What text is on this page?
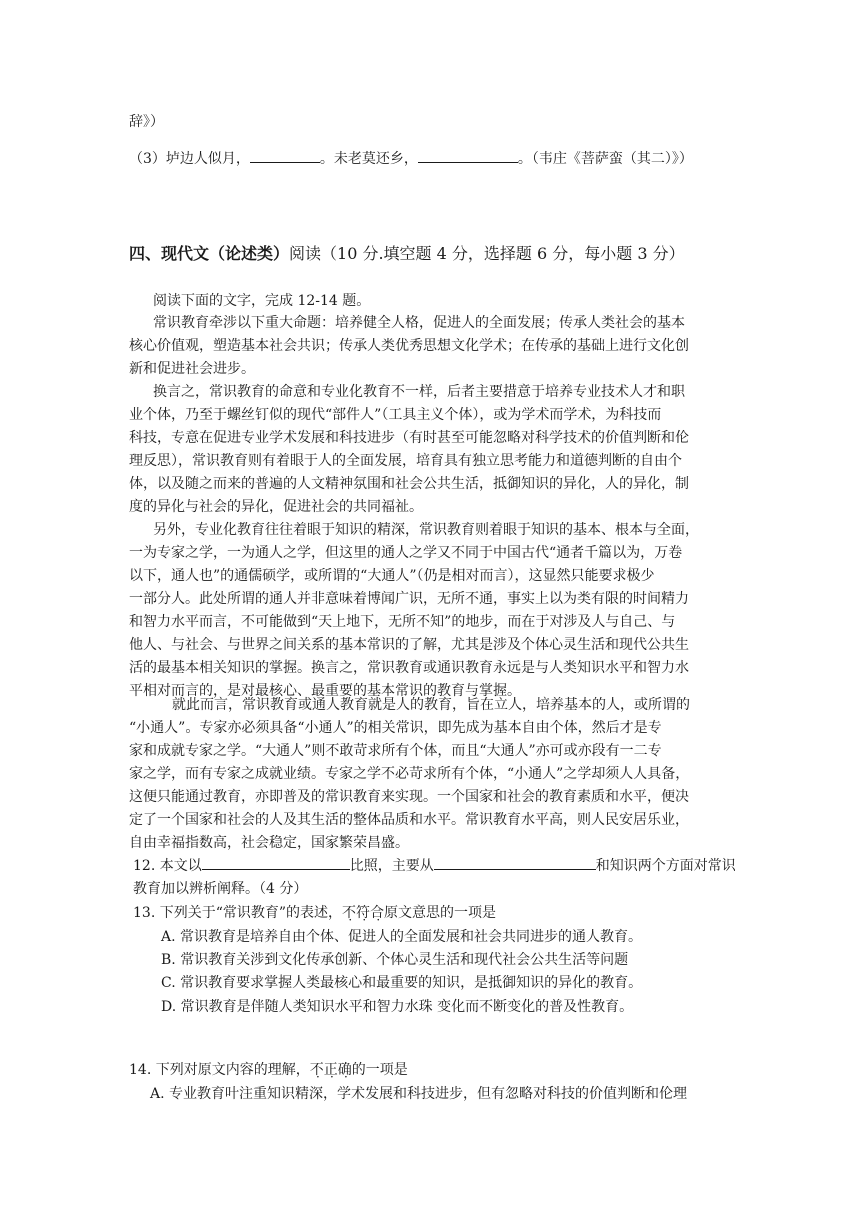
辞》）
（3）垆边人似月，	。未老莫还乡，	。（韦庄《菩萨蛮（其二）》）
四、现代文（论述类）阅读（10 分.填空题 4 分，选择题 6 分，每小题 3 分）
阅读下面的文字，完成 12-14 题。
常识教育牵涉以下重大命题：培养健全人格，促进人的全面发展；传承人类社会的基本
核心价值观，塑造基本社会共识；传承人类优秀思想文化学术；在传承的基础上进行文化创
新和促进社会进步。
换言之，常识教育的命意和专业化教育不一样，后者主要措意于培养专业技术人才和职
业个体，乃至于螺丝钉似的现代“部件人”（工具主义个体），或为学术而学术，为科技而
科技，专意在促进专业学术发展和科技进步（有时甚至可能忽略对科学技术的价值判断和伦
理反思），常识教育则有着眼于人的全面发展，培育具有独立思考能力和道德判断的自由个
体，以及随之而来的普遍的人文精神氛围和社会公共生活，抵御知识的异化，人的异化，制
度的异化与社会的异化，促进社会的共同福祉。
另外，专业化教育往往着眼于知识的精深，常识教育则着眼于知识的基本、根本与全面，
一为专家之学，一为通人之学，但这里的通人之学又不同于中国古代“通者千篇以为，万卷
以下，通人也”的通儒硕学，或所谓的“大通人”（仍是相对而言），这显然只能要求极少
一部分人。此处所谓的通人并非意味着博闻广识，无所不通，事实上以为类有限的时间精力
和智力水平而言，不可能做到“天上地下，无所不知”的地步，而在于对涉及人与自己、与
他人、与社会、与世界之间关系的基本常识的了解，尤其是涉及个体心灵生活和现代公共生
活的最基本相关知识的掌握。换言之，常识教育或通识教育永远是与人类知识水平和智力水
平相对而言的，是对最核心、最重要的基本常识的教育与掌握。
就此而言，常识教育或通人教育就是人的教育，旨在立人，培养基本的人，或所谓的
“小通人”。专家亦必须具备“小通人”的相关常识，即先成为基本自由个体，然后才是专
家和成就专家之学。“大通人”则不敢苛求所有个体，而且“大通人”亦可或亦段有一二专
家之学，而有专家之成就业绩。专家之学不必苛求所有个体，“小通人”之学却须人人具备，
这便只能通过教育，亦即普及的常识教育来实现。一个国家和社会的教育素质和水平，便决
定了一个国家和社会的人及其生活的整体品质和水平。常识教育水平高，则人民安居乐业，
自由幸福指数高，社会稳定，国家繁荣昌盛。
12. 本文以	比照，主要从	和知识两个方面对常识
教育加以辨析阐释。（4 分）
13. 下列关于“常识教育”的表述，不符合原文意思的一项是
A. 常识教育是培养自由个体、促进人的全面发展和社会共同进步的通人教育。
B. 常识教育关涉到文化传承创新、个体心灵生活和现代社会公共生活等问题
C. 常识教育要求掌握人类最核心和最重要的知识，是抵御知识的异化的教育。
D. 常识教育是伴随人类知识水平和智力水珠 变化而不断变化的普及性教育。
14. 下列对原文内容的理解，不正确的一项是
A. 专业教育叶注重知识精深，学术发展和科技进步，但有忽略对科技的价值判断和伦理
